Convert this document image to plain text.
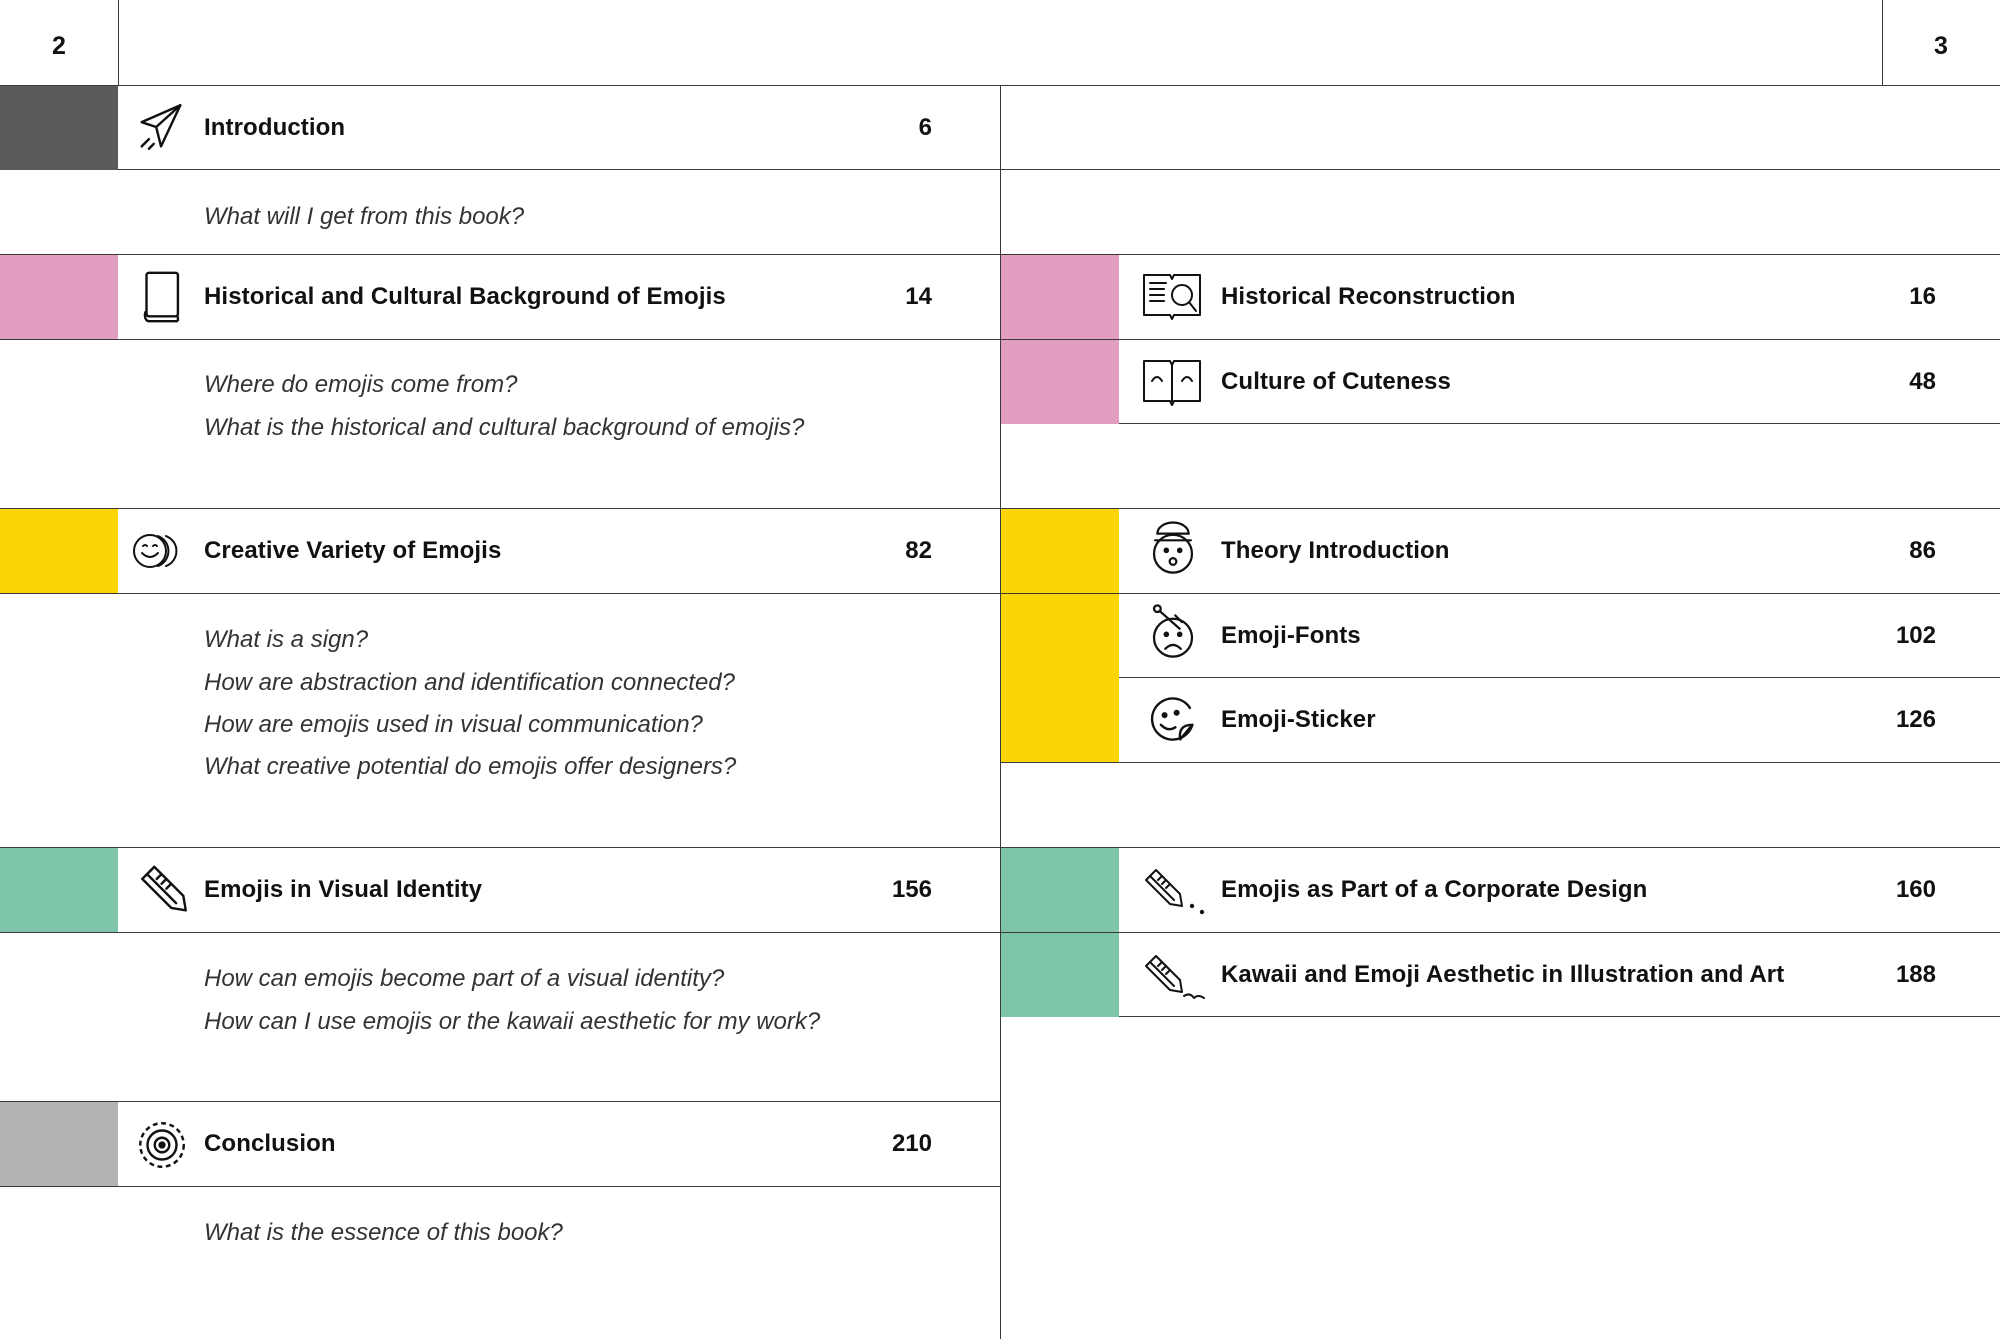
2	3
Introduction	6
What will I get from this book?
Historical and Cultural Background of Emojis	14
Where do emojis come from?
What is the historical and cultural background of emojis?
Creative Variety of Emojis	82
What is a sign?
How are abstraction and identification connected?
How are emojis used in visual communication?
What creative potential do emojis offer designers?
Emojis in Visual Identity	156
How can emojis become part of a visual identity?
How can I use emojis or the kawaii aesthetic for my work?
Conclusion	210
What is the essence of this book?
Historical Reconstruction	16
Culture of Cuteness	48
Theory Introduction	86
Emoji-Fonts	102
Emoji-Sticker	126
Emojis as Part of a Corporate Design	160
Kawaii and Emoji Aesthetic in Illustration and Art	188
